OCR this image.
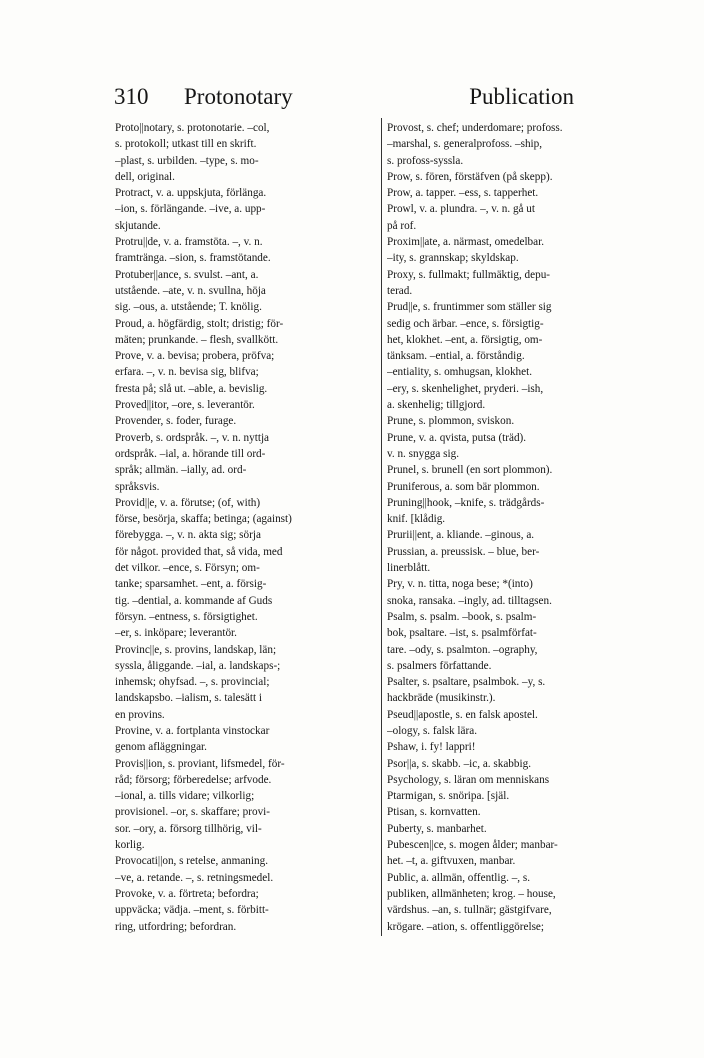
310 Protonotary	Publication
Proto||notary, s. protonotarie. –col,
s. protokoll; utkast till en skrift.
–plast, s. urbilden. –type, s. mo-
dell, original.
Protract, v. a. uppskjuta, förlänga.
–ion, s. förlängande. –ive, a. upp-
skjutande.
Protru||de, v. a. framstöta. –, v. n.
framtränga. –sion, s. framstötande.
Protuber||ance, s. svulst. –ant, a.
utstående. –ate, v. n. svullna, höja
sig. –ous, a. utstående; T. knölig.
Proud, a. högfärdig, stolt; dristig; för-
mäten; prunkande. – flesh, svallkött.
Prove, v. a. bevisa; probera, pröfva;
erfara. –, v. n. bevisa sig, blifva;
fresta på; slå ut. –able, a. bevislig.
Proved||itor, –ore, s. leverantör.
Provender, s. foder, furage.
Proverb, s. ordspråk. –, v. n. nyttja
ordspråk. –ial, a. hörande till ord-
språk; allmän. –ially, ad. ord-
språksvis.
Provid||e, v. a. förutse; (of, with)
förse, besörja, skaffa; betinga; (against)
förebygga. –, v. n. akta sig; sörja
för något. provided that, så vida, med
det vilkor. –ence, s. Försyn; om-
tanke; sparsamhet. –ent, a. försig-
tig. –dential, a. kommande af Guds
försyn. –entness, s. försigtighet.
–er, s. inköpare; leverantör.
Provinc||e, s. provins, landskap, län;
syssla, åliggande. –ial, a. landskaps-;
inhemsk; ohyfsad. –, s. provincial;
landskapsbo. –ialism, s. talesätt i
en provins.
Provine, v. a. fortplanta vinstockar
genom afläggningar.
Provis||ion, s. proviant, lifsmedel, för-
råd; försorg; förberedelse; arfvode.
–ional, a. tills vidare; vilkorlig;
provisionel. –or, s. skaffare; provi-
sor. –ory, a. försorg tillhörig, vil-
korlig.
Provocati||on, s retelse, anmaning.
–ve, a. retande. –, s. retningsmedel.
Provoke, v. a. förtreta; befordra;
uppväcka; vädja. –ment, s. förbitt-
ring, utfordring; befordran.
Provost, s. chef; underdomare; profoss.
–marshal, s. generalprofoss. –ship,
s. profoss-syssla.
Prow, s. fören, förstäfven (på skepp).
Prow, a. tapper. –ess, s. tapperhet.
Prowl, v. a. plundra. –, v. n. gå ut
på rof.
Proxim||ate, a. närmast, omedelbar.
–ity, s. grannskap; skyldskap.
Proxy, s. fullmakt; fullmäktig, depu-
terad.
Prud||e, s. fruntimmer som ställer sig
sedig och ärbar. –ence, s. försigtig-
het, klokhet. –ent, a. försigtig, om-
tänksam. –ential, a. förståndig.
–entiality, s. omhugsan, klokhet.
–ery, s. skenhelighet, pryderi. –ish,
a. skenhelig; tillgjord.
Prune, s. plommon, sviskon.
Prune, v. a. qvista, putsa (träd).
v. n. snygga sig.
Prunel, s. brunell (en sort plommon).
Pruniferous, a. som bär plommon.
Pruning||hook, –knife, s. trädgårds-
knif. [klådig.
Prurii||ent, a. kliande. –ginous, a.
Prussian, a. preussisk. – blue, ber-
linerblått.
Pry, v. n. titta, noga bese; *(into)
snoka, ransaka. –ingly, ad. tilltagsen.
Psalm, s. psalm. –book, s. psalm-
bok, psaltare. –ist, s. psalmförfat-
tare. –ody, s. psalmton. –ography,
s. psalmers författande.
Psalter, s. psaltare, psalmbok. –y, s.
hackbräde (musikinstr.).
Pseud||apostle, s. en falsk apostel.
–ology, s. falsk lära.
Pshaw, i. fy! lappri!
Psor||a, s. skabb. –ic, a. skabbig.
Psychology, s. läran om menniskans
Ptarmigan, s. snöripa. [själ.
Ptisan, s. kornvatten.
Puberty, s. manbarhet.
Pubescen||ce, s. mogen ålder; manbar-
het. –t, a. giftvuxen, manbar.
Public, a. allmän, offentlig. –, s.
publiken, allmänheten; krog. – house,
värdshus. –an, s. tullnär; gästgifvare,
krögare. –ation, s. offentliggörelse;
